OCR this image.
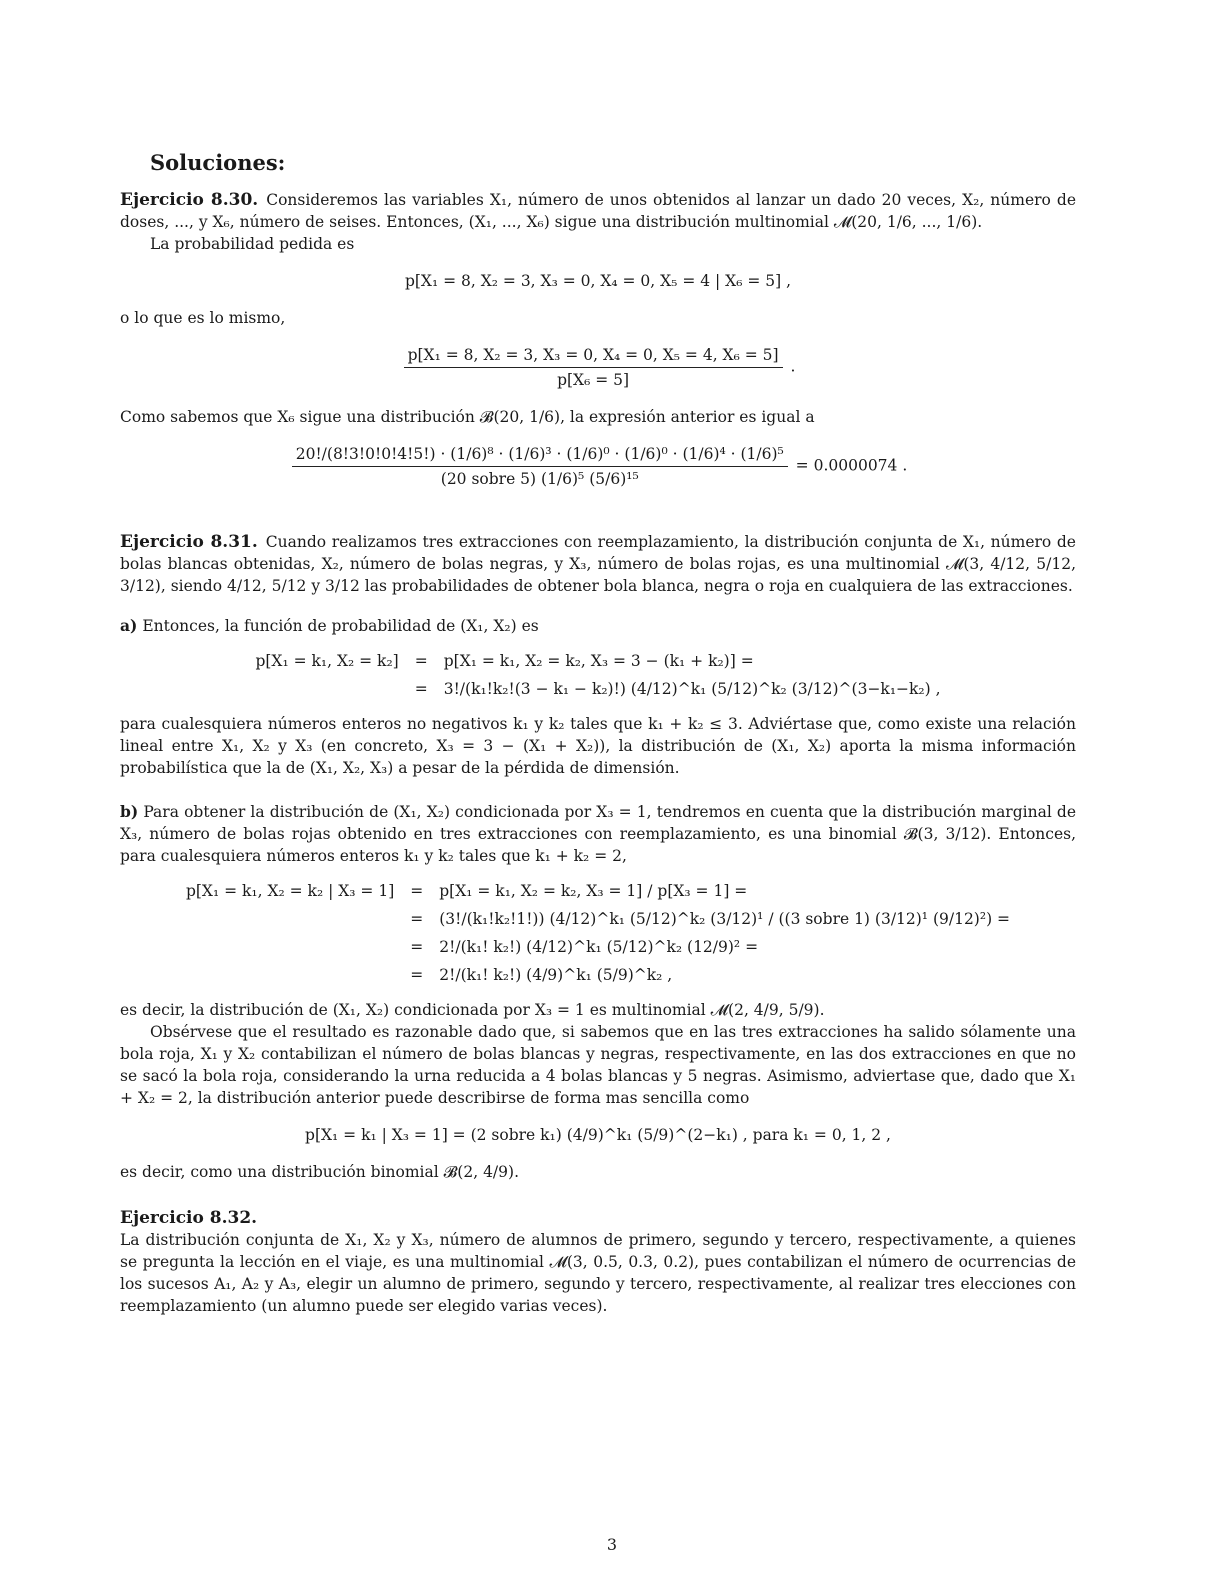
Soluciones:

Ejercicio 8.30. Consideremos las variables X₁, número de unos obtenidos al lanzar un dado 20 veces, X₂, número de doses, ..., y X₆, número de seises. Entonces, (X₁, ..., X₆) sigue una distribución multinomial 𝓜(20, 1/6, ..., 1/6).

La probabilidad pedida es

p[X₁ = 8, X₂ = 3, X₃ = 0, X₄ = 0, X₅ = 4 | X₆ = 5] ,

o lo que es lo mismo,

$\frac{\text{p[X₁ = 8, X₂ = 3, X₃ = 0, X₄ = 0, X₅ = 4, X₆ = 5]}}{\text{p[X₆ = 5]}}$ .

Como sabemos que X₆ sigue una distribución 𝓑(20, 1/6), la expresión anterior es igual a

20!/(8!3!0!0!4!5!) · (1/6)⁸ · (1/6)³ · (1/6)⁰ · (1/6)⁰ · (1/6)⁴ · (1/6)⁵
(20 sobre 5) (1/6)⁵ (5/6)¹⁵
= 0.0000074 .

Ejercicio 8.31. Cuando realizamos tres extracciones con reemplazamiento, la distribución conjunta de X₁, número de bolas blancas obtenidas, X₂, número de bolas negras, y X₃, número de bolas rojas, es una multinomial 𝓜(3, 4/12, 5/12, 3/12), siendo 4/12, 5/12 y 3/12 las probabilidades de obtener bola blanca, negra o roja en cualquiera de las extracciones.

a) Entonces, la función de probabilidad de (X₁, X₂) es

p[X₁ = k₁, X₂ = k₂]	=	p[X₁ = k₁, X₂ = k₂, X₃ = 3 − (k₁ + k₂)] =
	=	3!/(k₁!k₂!(3 − k₁ − k₂)!) (4/12)^k₁ (5/12)^k₂ (3/12)^(3−k₁−k₂) ,

para cualesquiera números enteros no negativos k₁ y k₂ tales que k₁ + k₂ ≤ 3. Adviértase que, como existe una relación lineal entre X₁, X₂ y X₃ (en concreto, X₃ = 3 − (X₁ + X₂)), la distribución de (X₁, X₂) aporta la misma información probabilística que la de (X₁, X₂, X₃) a pesar de la pérdida de dimensión.

b) Para obtener la distribución de (X₁, X₂) condicionada por X₃ = 1, tendremos en cuenta que la distribución marginal de X₃, número de bolas rojas obtenido en tres extracciones con reemplazamiento, es una binomial 𝓑(3, 3/12). Entonces, para cualesquiera números enteros k₁ y k₂ tales que k₁ + k₂ = 2,

p[X₁ = k₁, X₂ = k₂ | X₃ = 1]	=	p[X₁ = k₁, X₂ = k₂, X₃ = 1] / p[X₃ = 1] =
	=	(3!/(k₁!k₂!1!)) (4/12)^k₁ (5/12)^k₂ (3/12)¹ / ((3 sobre 1) (3/12)¹ (9/12)²) =
	=	2!/(k₁! k₂!) (4/12)^k₁ (5/12)^k₂ (12/9)² =
	=	2!/(k₁! k₂!) (4/9)^k₁ (5/9)^k₂ ,

es decir, la distribución de (X₁, X₂) condicionada por X₃ = 1 es multinomial 𝓜(2, 4/9, 5/9).

Obsérvese que el resultado es razonable dado que, si sabemos que en las tres extracciones ha salido sólamente una bola roja, X₁ y X₂ contabilizan el número de bolas blancas y negras, respectivamente, en las dos extracciones en que no se sacó la bola roja, considerando la urna reducida a 4 bolas blancas y 5 negras. Asimismo, adviertase que, dado que X₁ + X₂ = 2, la distribución anterior puede describirse de forma mas sencilla como

p[X₁ = k₁ | X₃ = 1] = (2 sobre k₁) (4/9)^k₁ (5/9)^(2−k₁) , para k₁ = 0, 1, 2 ,

es decir, como una distribución binomial 𝓑(2, 4/9).

Ejercicio 8.32.

La distribución conjunta de X₁, X₂ y X₃, número de alumnos de primero, segundo y tercero, respectivamente, a quienes se pregunta la lección en el viaje, es una multinomial 𝓜(3, 0.5, 0.3, 0.2), pues contabilizan el número de ocurrencias de los sucesos A₁, A₂ y A₃, elegir un alumno de primero, segundo y tercero, respectivamente, al realizar tres elecciones con reemplazamiento (un alumno puede ser elegido varias veces).

3
